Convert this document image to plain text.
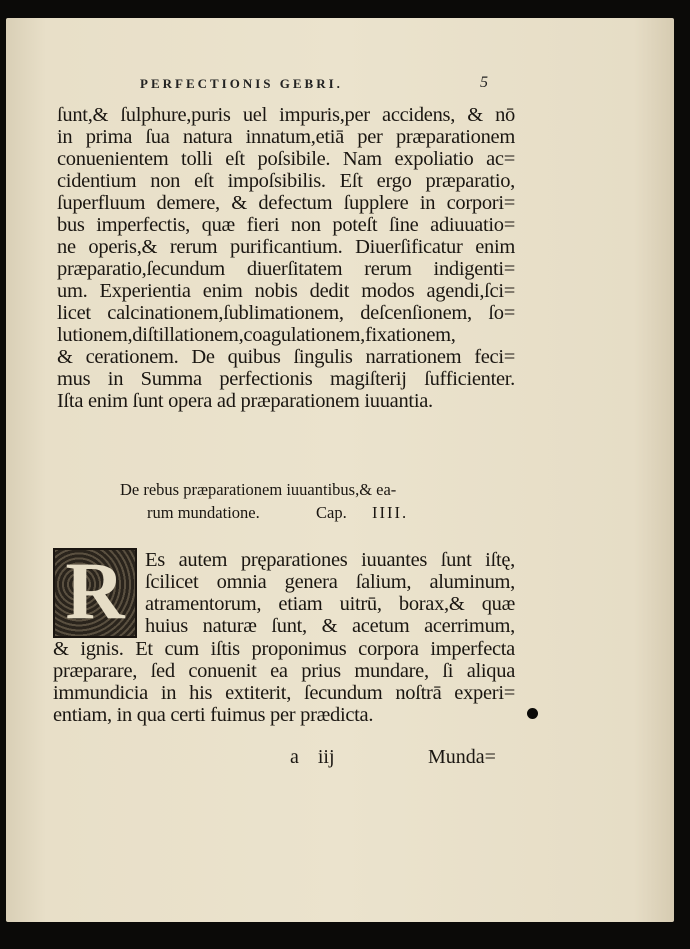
PERFECTIONIS GEBRI.	5
ſunt,& ſulphure,puris uel impuris,per accidens, & nō
in prima ſua natura innatum,etiā per præparationem
conuenientem tolli eſt poſsibile. Nam expoliatio ac=
cidentium non eſt impoſsibilis. Eſt ergo præparatio,
ſuperfluum demere, & defectum ſupplere in corpori=
bus imperfectis, quæ fieri non poteſt ſine adiuuatio=
ne operis,& rerum purificantium. Diuerſificatur enim
præparatio,ſecundum diuerſitatem rerum indigenti=
um. Experientia enim nobis dedit modos agendi,ſci=
licet calcinationem,ſublimationem, deſcenſionem, ſo=
lutionem,diſtillationem,coagulationem,fixationem,
& cerationem. De quibus ſingulis narrationem feci=
mus in Summa perfectionis magiſterij ſufficienter.
Iſta enim ſunt opera ad præparationem iuuantia.
De rebus præparationem iuuantibus,& ea-
rum mundatione.	Cap. IIII.
R Es autem pręparationes iuuantes ſunt iſtę,
ſcilicet omnia genera ſalium, aluminum,
atramentorum, etiam uitrū, borax,& quæ
huius naturæ ſunt, & acetum acerrimum,
& ignis. Et cum iſtis proponimus corpora imperfecta
præparare, ſed conuenit ea prius mundare, ſi aliqua
immundicia in his extiterit, ſecundum noſtrā experi=
entiam, in qua certi fuimus per prædicta.
a iij	Munda=
